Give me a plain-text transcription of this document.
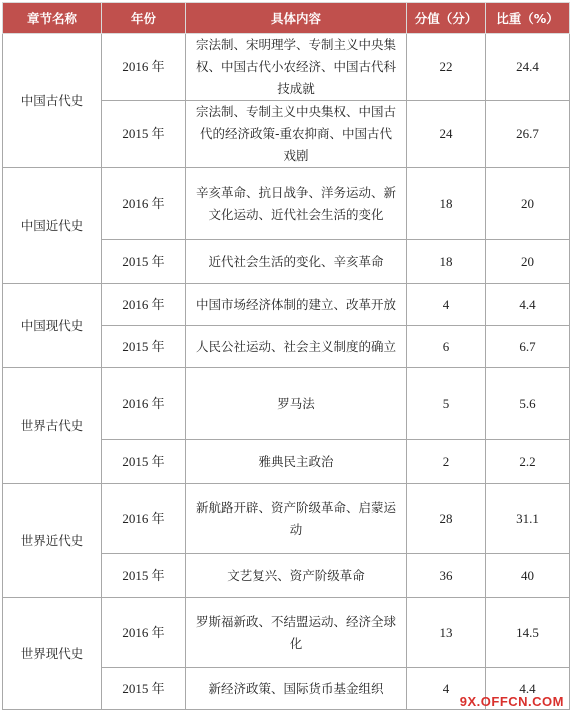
章节名称	年份	具体内容	分值（分）	比重（%）
中国古代史	2016 年	宗法制、宋明理学、专制主义中央集权、中国古代小农经济、中国古代科技成就	22	24.4
	2015 年	宗法制、专制主义中央集权、中国古代的经济政策-重农抑商、中国古代戏剧	24	26.7
中国近代史	2016 年	辛亥革命、抗日战争、洋务运动、新文化运动、近代社会生活的变化	18	20
	2015 年	近代社会生活的变化、辛亥革命	18	20
中国现代史	2016 年	中国市场经济体制的建立、改革开放	4	4.4
	2015 年	人民公社运动、社会主义制度的确立	6	6.7
世界古代史	2016 年	罗马法	5	5.6
	2015 年	雅典民主政治	2	2.2
世界近代史	2016 年	新航路开辟、资产阶级革命、启蒙运动	28	31.1
	2015 年	文艺复兴、资产阶级革命	36	40
世界现代史	2016 年	罗斯福新政、不结盟运动、经济全球化	13	14.5
	2015 年	新经济政策、国际货币基金组织	4	4.4
9X.OFFCN.COM
